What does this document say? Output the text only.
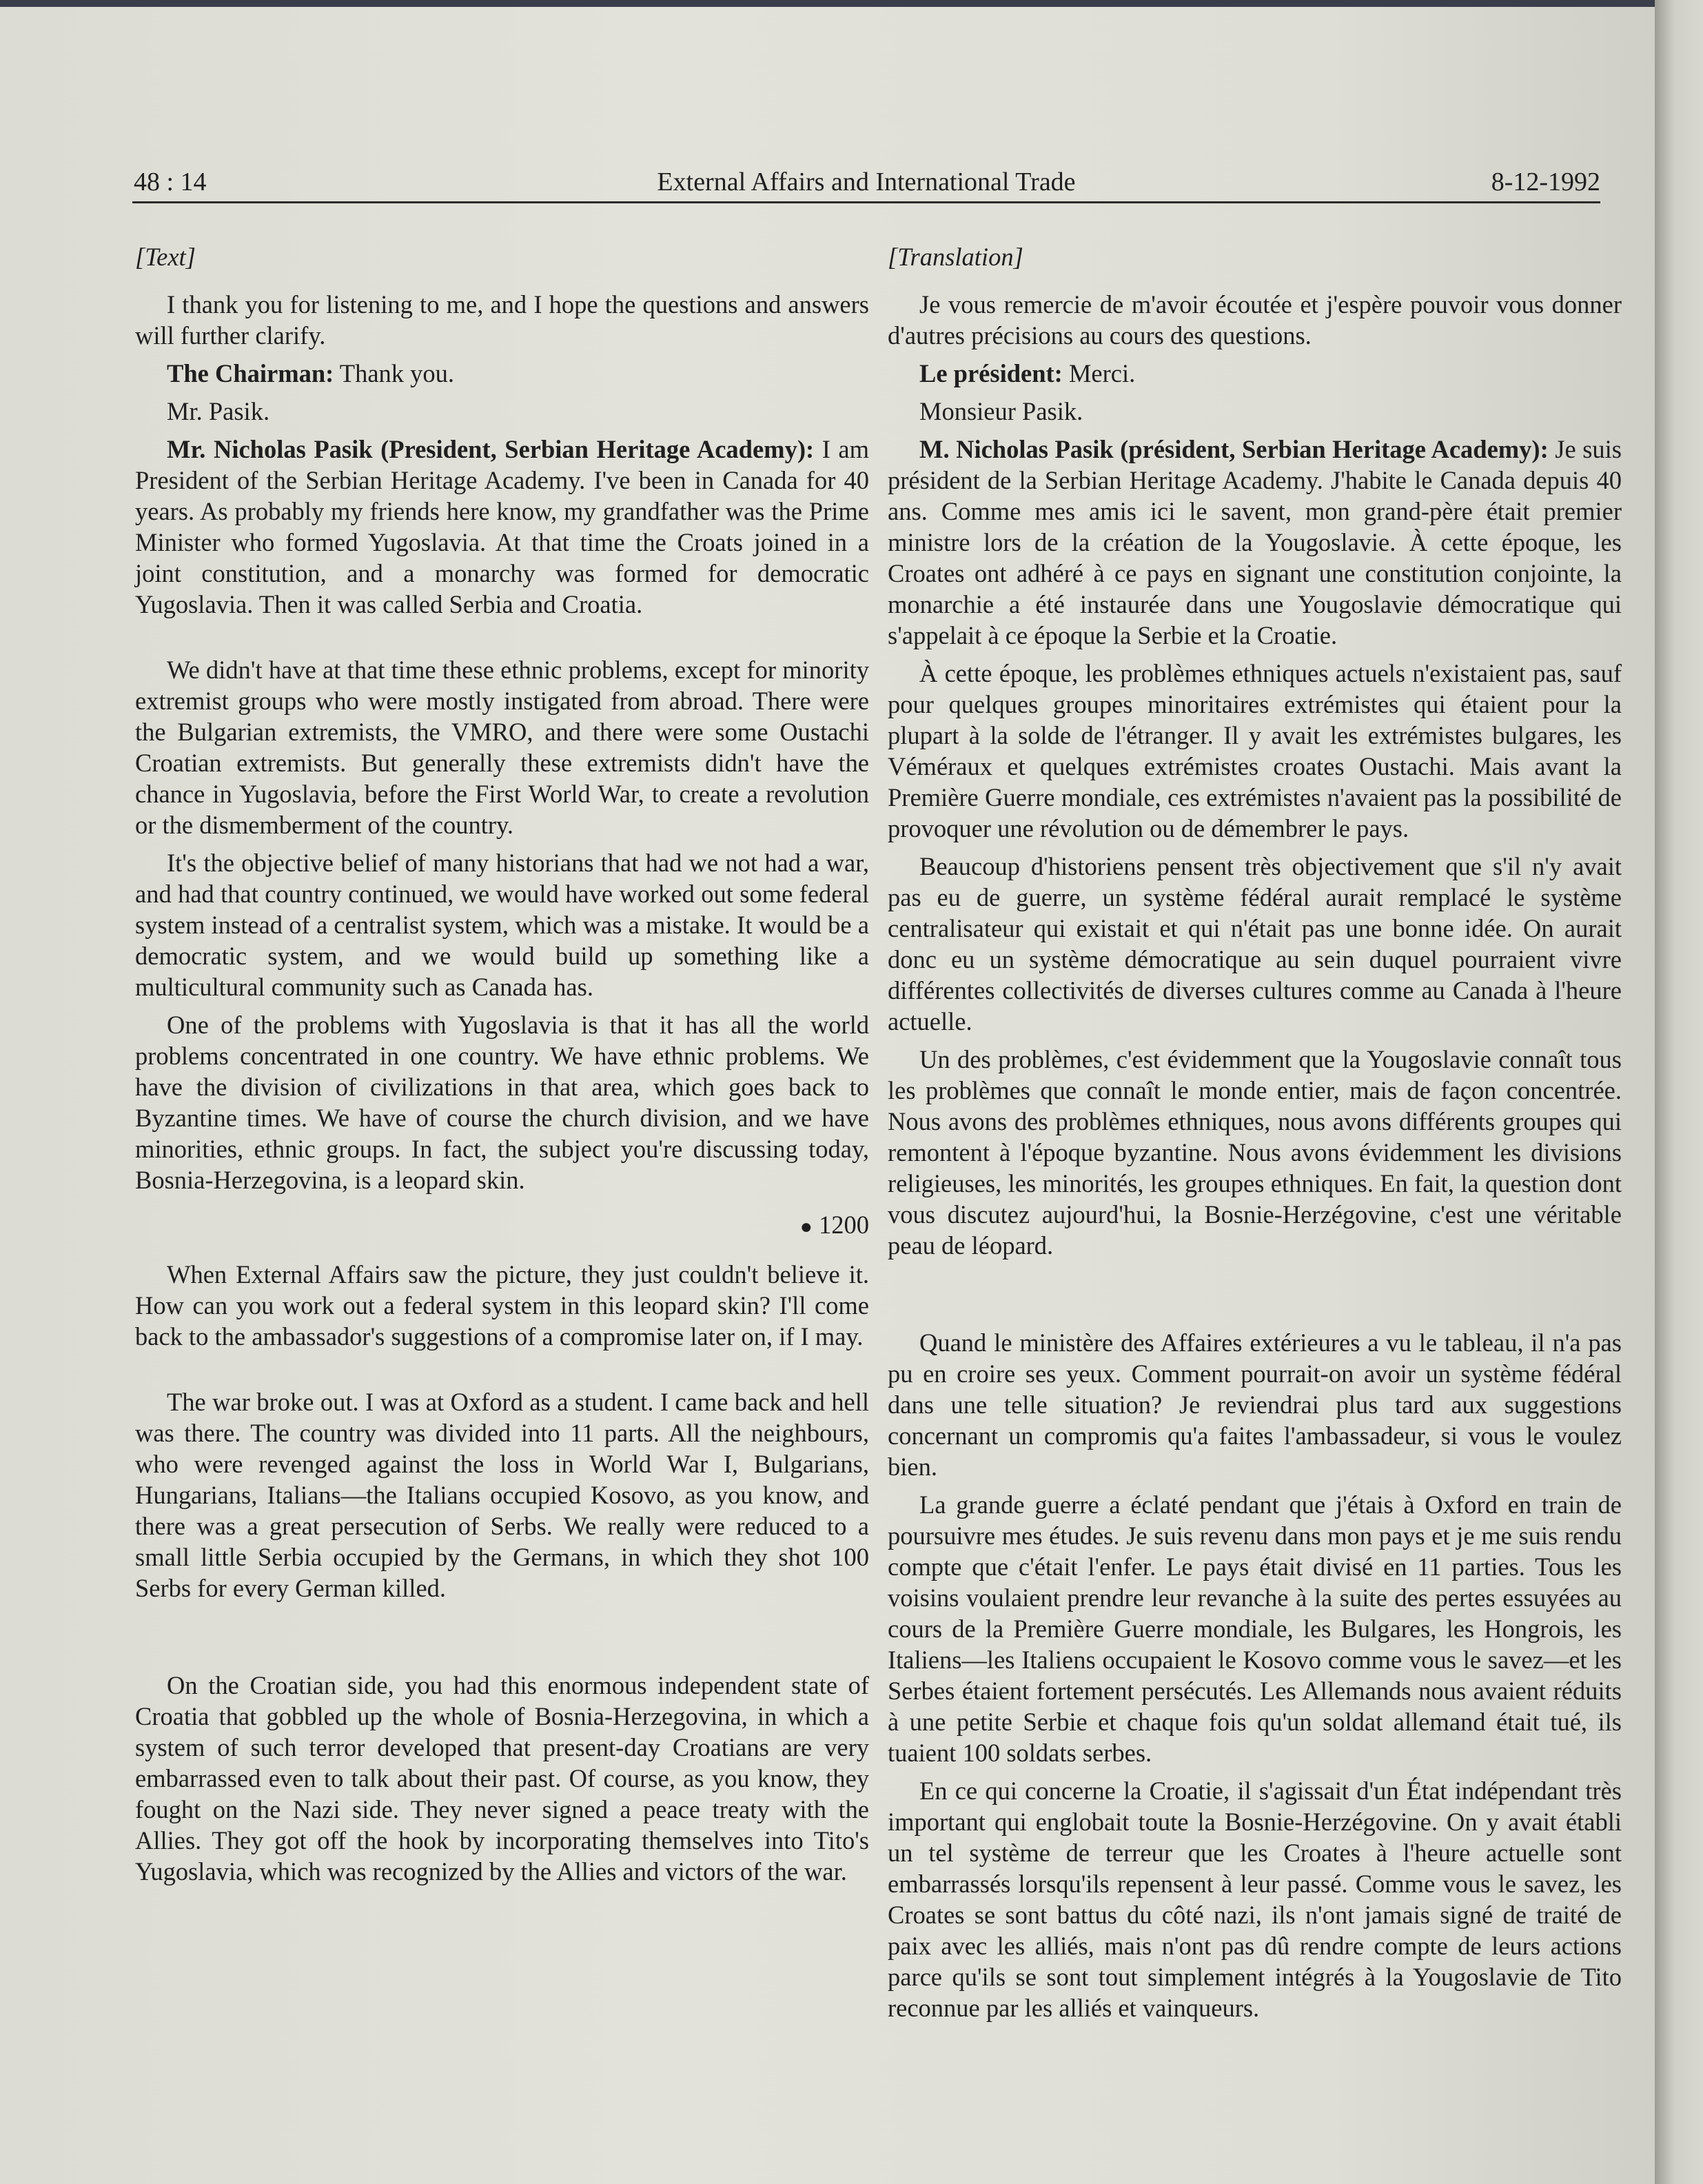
48 : 14	External Affairs and International Trade	8-12-1992

[Text]

I thank you for listening to me, and I hope the questions and answers will further clarify.

The Chairman: Thank you.

Mr. Pasik.

Mr. Nicholas Pasik (President, Serbian Heritage Academy): I am President of the Serbian Heritage Academy. I've been in Canada for 40 years. As probably my friends here know, my grandfather was the Prime Minister who formed Yugoslavia. At that time the Croats joined in a joint constitution, and a monarchy was formed for democratic Yugoslavia. Then it was called Serbia and Croatia.

We didn't have at that time these ethnic problems, except for minority extremist groups who were mostly instigated from abroad. There were the Bulgarian extremists, the VMRO, and there were some Oustachi Croatian extremists. But generally these extremists didn't have the chance in Yugoslavia, before the First World War, to create a revolution or the dismemberment of the country.

It's the objective belief of many historians that had we not had a war, and had that country continued, we would have worked out some federal system instead of a centralist system, which was a mistake. It would be a democratic system, and we would build up something like a multicultural community such as Canada has.

One of the problems with Yugoslavia is that it has all the world problems concentrated in one country. We have ethnic problems. We have the division of civilizations in that area, which goes back to Byzantine times. We have of course the church division, and we have minorities, ethnic groups. In fact, the subject you're discussing today, Bosnia-Herzegovina, is a leopard skin.

● 1200

When External Affairs saw the picture, they just couldn't believe it. How can you work out a federal system in this leopard skin? I'll come back to the ambassador's suggestions of a compromise later on, if I may.

The war broke out. I was at Oxford as a student. I came back and hell was there. The country was divided into 11 parts. All the neighbours, who were revenged against the loss in World War I, Bulgarians, Hungarians, Italians—the Italians occupied Kosovo, as you know, and there was a great persecution of Serbs. We really were reduced to a small little Serbia occupied by the Germans, in which they shot 100 Serbs for every German killed.

On the Croatian side, you had this enormous independent state of Croatia that gobbled up the whole of Bosnia-Herzegovina, in which a system of such terror developed that present-day Croatians are very embarrassed even to talk about their past. Of course, as you know, they fought on the Nazi side. They never signed a peace treaty with the Allies. They got off the hook by incorporating themselves into Tito's Yugoslavia, which was recognized by the Allies and victors of the war.

[Translation]

Je vous remercie de m'avoir écoutée et j'espère pouvoir vous donner d'autres précisions au cours des questions.

Le président: Merci.

Monsieur Pasik.

M. Nicholas Pasik (président, Serbian Heritage Academy): Je suis président de la Serbian Heritage Academy. J'habite le Canada depuis 40 ans. Comme mes amis ici le savent, mon grand-père était premier ministre lors de la création de la Yougoslavie. À cette époque, les Croates ont adhéré à ce pays en signant une constitution conjointe, la monarchie a été instaurée dans une Yougoslavie démocratique qui s'appelait à ce époque la Serbie et la Croatie.

À cette époque, les problèmes ethniques actuels n'existaient pas, sauf pour quelques groupes minoritaires extrémistes qui étaient pour la plupart à la solde de l'étranger. Il y avait les extrémistes bulgares, les Véméraux et quelques extrémistes croates Oustachi. Mais avant la Première Guerre mondiale, ces extrémistes n'avaient pas la possibilité de provoquer une révolution ou de démembrer le pays.

Beaucoup d'historiens pensent très objectivement que s'il n'y avait pas eu de guerre, un système fédéral aurait remplacé le système centralisateur qui existait et qui n'était pas une bonne idée. On aurait donc eu un système démocratique au sein duquel pourraient vivre différentes collectivités de diverses cultures comme au Canada à l'heure actuelle.

Un des problèmes, c'est évidemment que la Yougoslavie connaît tous les problèmes que connaît le monde entier, mais de façon concentrée. Nous avons des problèmes ethniques, nous avons différents groupes qui remontent à l'époque byzantine. Nous avons évidemment les divisions religieuses, les minorités, les groupes ethniques. En fait, la question dont vous discutez aujourd'hui, la Bosnie-Herzégovine, c'est une véritable peau de léopard.

Quand le ministère des Affaires extérieures a vu le tableau, il n'a pas pu en croire ses yeux. Comment pourrait-on avoir un système fédéral dans une telle situation? Je reviendrai plus tard aux suggestions concernant un compromis qu'a faites l'ambassadeur, si vous le voulez bien.

La grande guerre a éclaté pendant que j'étais à Oxford en train de poursuivre mes études. Je suis revenu dans mon pays et je me suis rendu compte que c'était l'enfer. Le pays était divisé en 11 parties. Tous les voisins voulaient prendre leur revanche à la suite des pertes essuyées au cours de la Première Guerre mondiale, les Bulgares, les Hongrois, les Italiens—les Italiens occupaient le Kosovo comme vous le savez—et les Serbes étaient fortement persécutés. Les Allemands nous avaient réduits à une petite Serbie et chaque fois qu'un soldat allemand était tué, ils tuaient 100 soldats serbes.

En ce qui concerne la Croatie, il s'agissait d'un État indépendant très important qui englobait toute la Bosnie-Herzégovine. On y avait établi un tel système de terreur que les Croates à l'heure actuelle sont embarrassés lorsqu'ils repensent à leur passé. Comme vous le savez, les Croates se sont battus du côté nazi, ils n'ont jamais signé de traité de paix avec les alliés, mais n'ont pas dû rendre compte de leurs actions parce qu'ils se sont tout simplement intégrés à la Yougoslavie de Tito reconnue par les alliés et vainqueurs.
